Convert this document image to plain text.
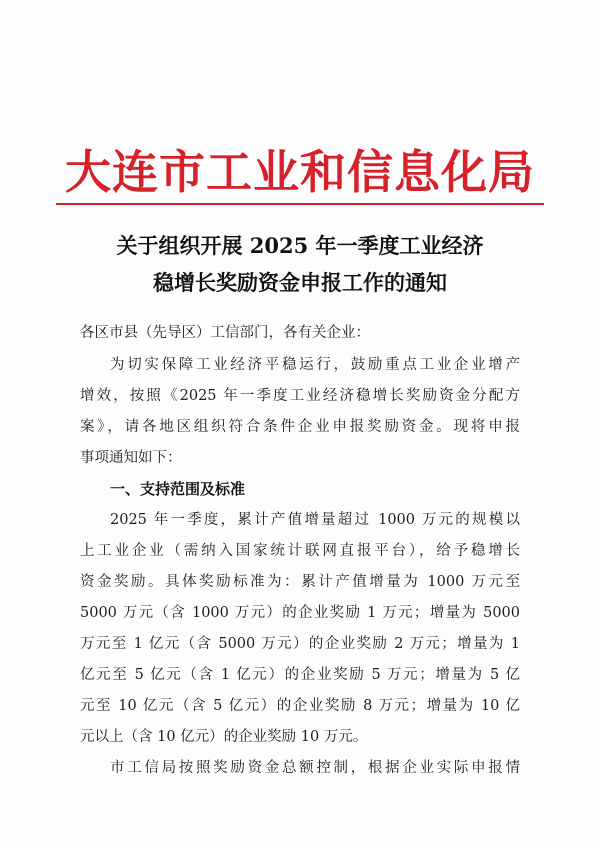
大连市工业和信息化局
关于组织开展 2025 年一季度工业经济
稳增长奖励资金申报工作的通知
各区市县（先导区）工信部门，各有关企业：
为切实保障工业经济平稳运行，鼓励重点工业企业增产
增效，按照《2025 年一季度工业经济稳增长奖励资金分配方
案》，请各地区组织符合条件企业申报奖励资金。现将申报
事项通知如下：
一、支持范围及标准
2025 年一季度，累计产值增量超过 1000 万元的规模以
上工业企业（需纳入国家统计联网直报平台），给予稳增长
资金奖励。具体奖励标准为：累计产值增量为 1000 万元至
5000 万元（含 1000 万元）的企业奖励 1 万元；增量为 5000
万元至 1 亿元（含 5000 万元）的企业奖励 2 万元；增量为 1
亿元至 5 亿元（含 1 亿元）的企业奖励 5 万元；增量为 5 亿
元至 10 亿元（含 5 亿元）的企业奖励 8 万元；增量为 10 亿
元以上（含 10 亿元）的企业奖励 10 万元。
市工信局按照奖励资金总额控制，根据企业实际申报情
